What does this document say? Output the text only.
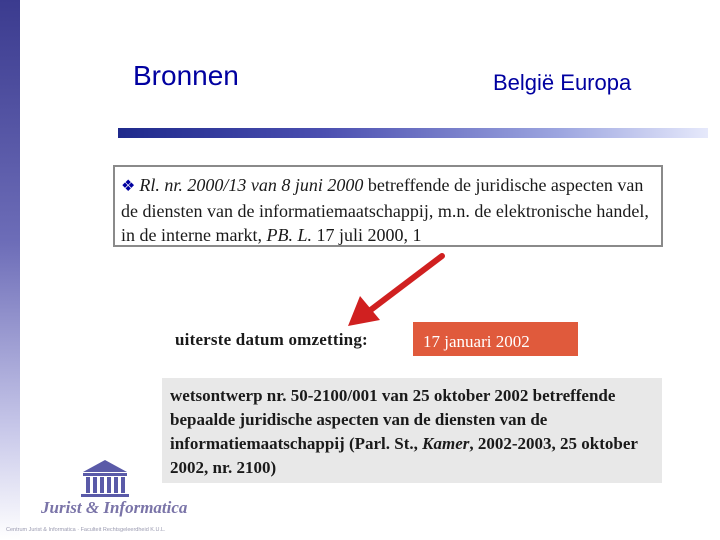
Bronnen	België Europa
❖ Rl. nr. 2000/13 van 8 juni 2000 betreffende de juridische aspecten van de diensten van de informatiemaatschappij, m.n. de elektronische handel, in de interne markt, PB. L. 17 juli 2000, 1
uiterste datum omzetting:	17 januari 2002
wetsontwerp nr. 50-2100/001 van 25 oktober 2002 betreffende bepaalde juridische aspecten van de diensten van de informatiemaatschappij (Parl. St., Kamer, 2002-2003, 25 oktober 2002, nr. 2100)
Jurist & Informatica
Centrum Jurist & Informatica · Faculteit Rechtsgeleerdheid K.U.L.
